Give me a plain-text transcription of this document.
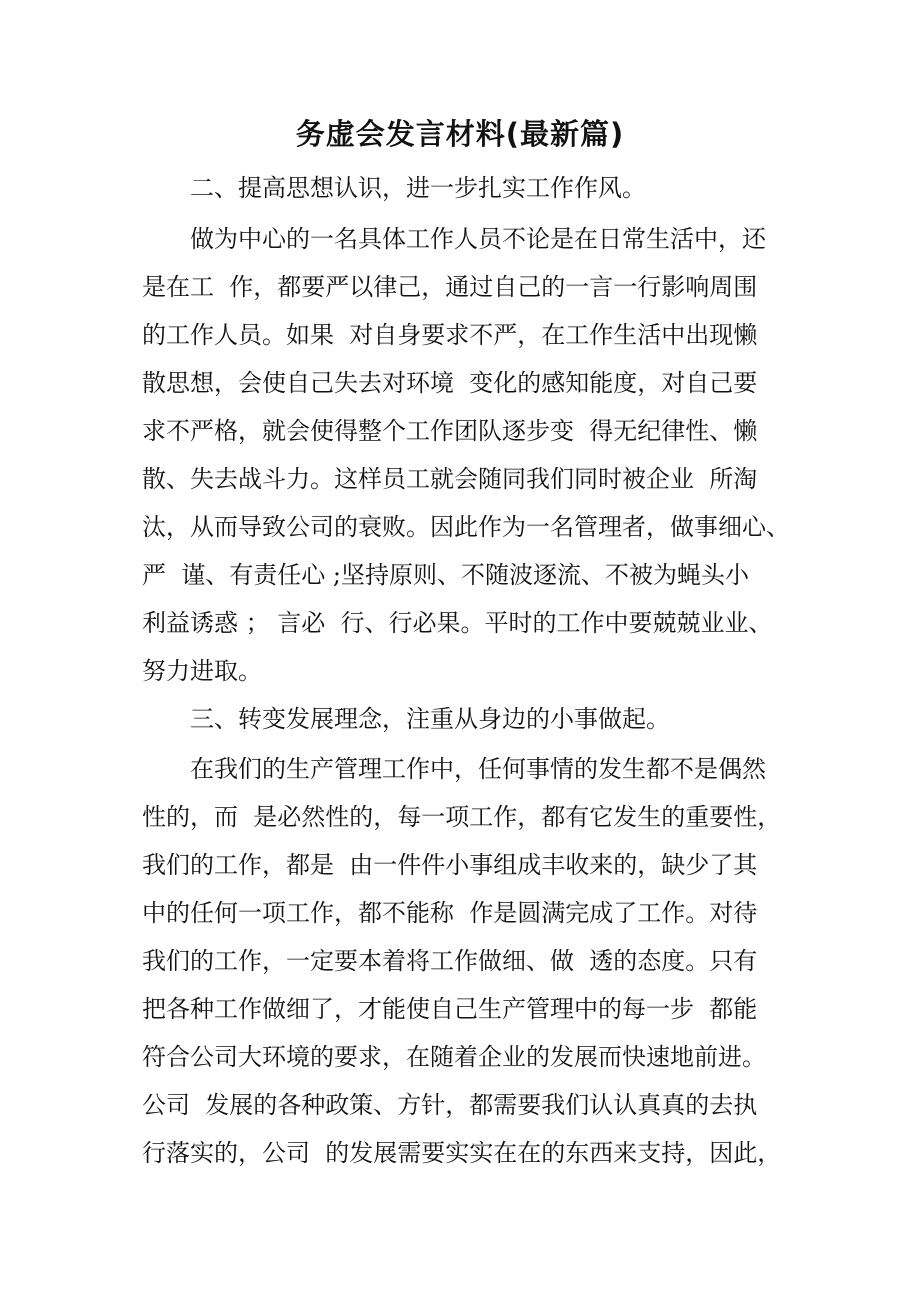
务虚会发言材料(最新篇)
二、提高思想认识，进一步扎实工作作风。
做为中心的一名具体工作人员不论是在日常生活中，还
是在工  作，都要严以律己，通过自己的一言一行影响周围
的工作人员。如果  对自身要求不严，在工作生活中出现懒
散思想，会使自己失去对环境  变化的感知能度，对自己要
求不严格，就会使得整个工作团队逐步变  得无纪律性、懒
散、失去战斗力。这样员工就会随同我们同时被企业  所淘
汰，从而导致公司的衰败。因此作为一名管理者，做事细心、
严  谨、有责任心 ;坚持原则、不随波逐流、不被为蝇头小
利益诱惑 ； 言必  行、行必果。平时的工作中要兢兢业业、
努力进取。
三、转变发展理念，注重从身边的小事做起。
在我们的生产管理工作中，任何事情的发生都不是偶然
性的，而  是必然性的，每一项工作，都有它发生的重要性，
我们的工作，都是  由一件件小事组成丰收来的，缺少了其
中的任何一项工作，都不能称  作是圆满完成了工作。对待
我们的工作，一定要本着将工作做细、做  透的态度。只有
把各种工作做细了，才能使自己生产管理中的每一步  都能
符合公司大环境的要求，在随着企业的发展而快速地前进。
公司  发展的各种政策、方针，都需要我们认认真真的去执
行落实的，公司  的发展需要实实在在的东西来支持，因此，
